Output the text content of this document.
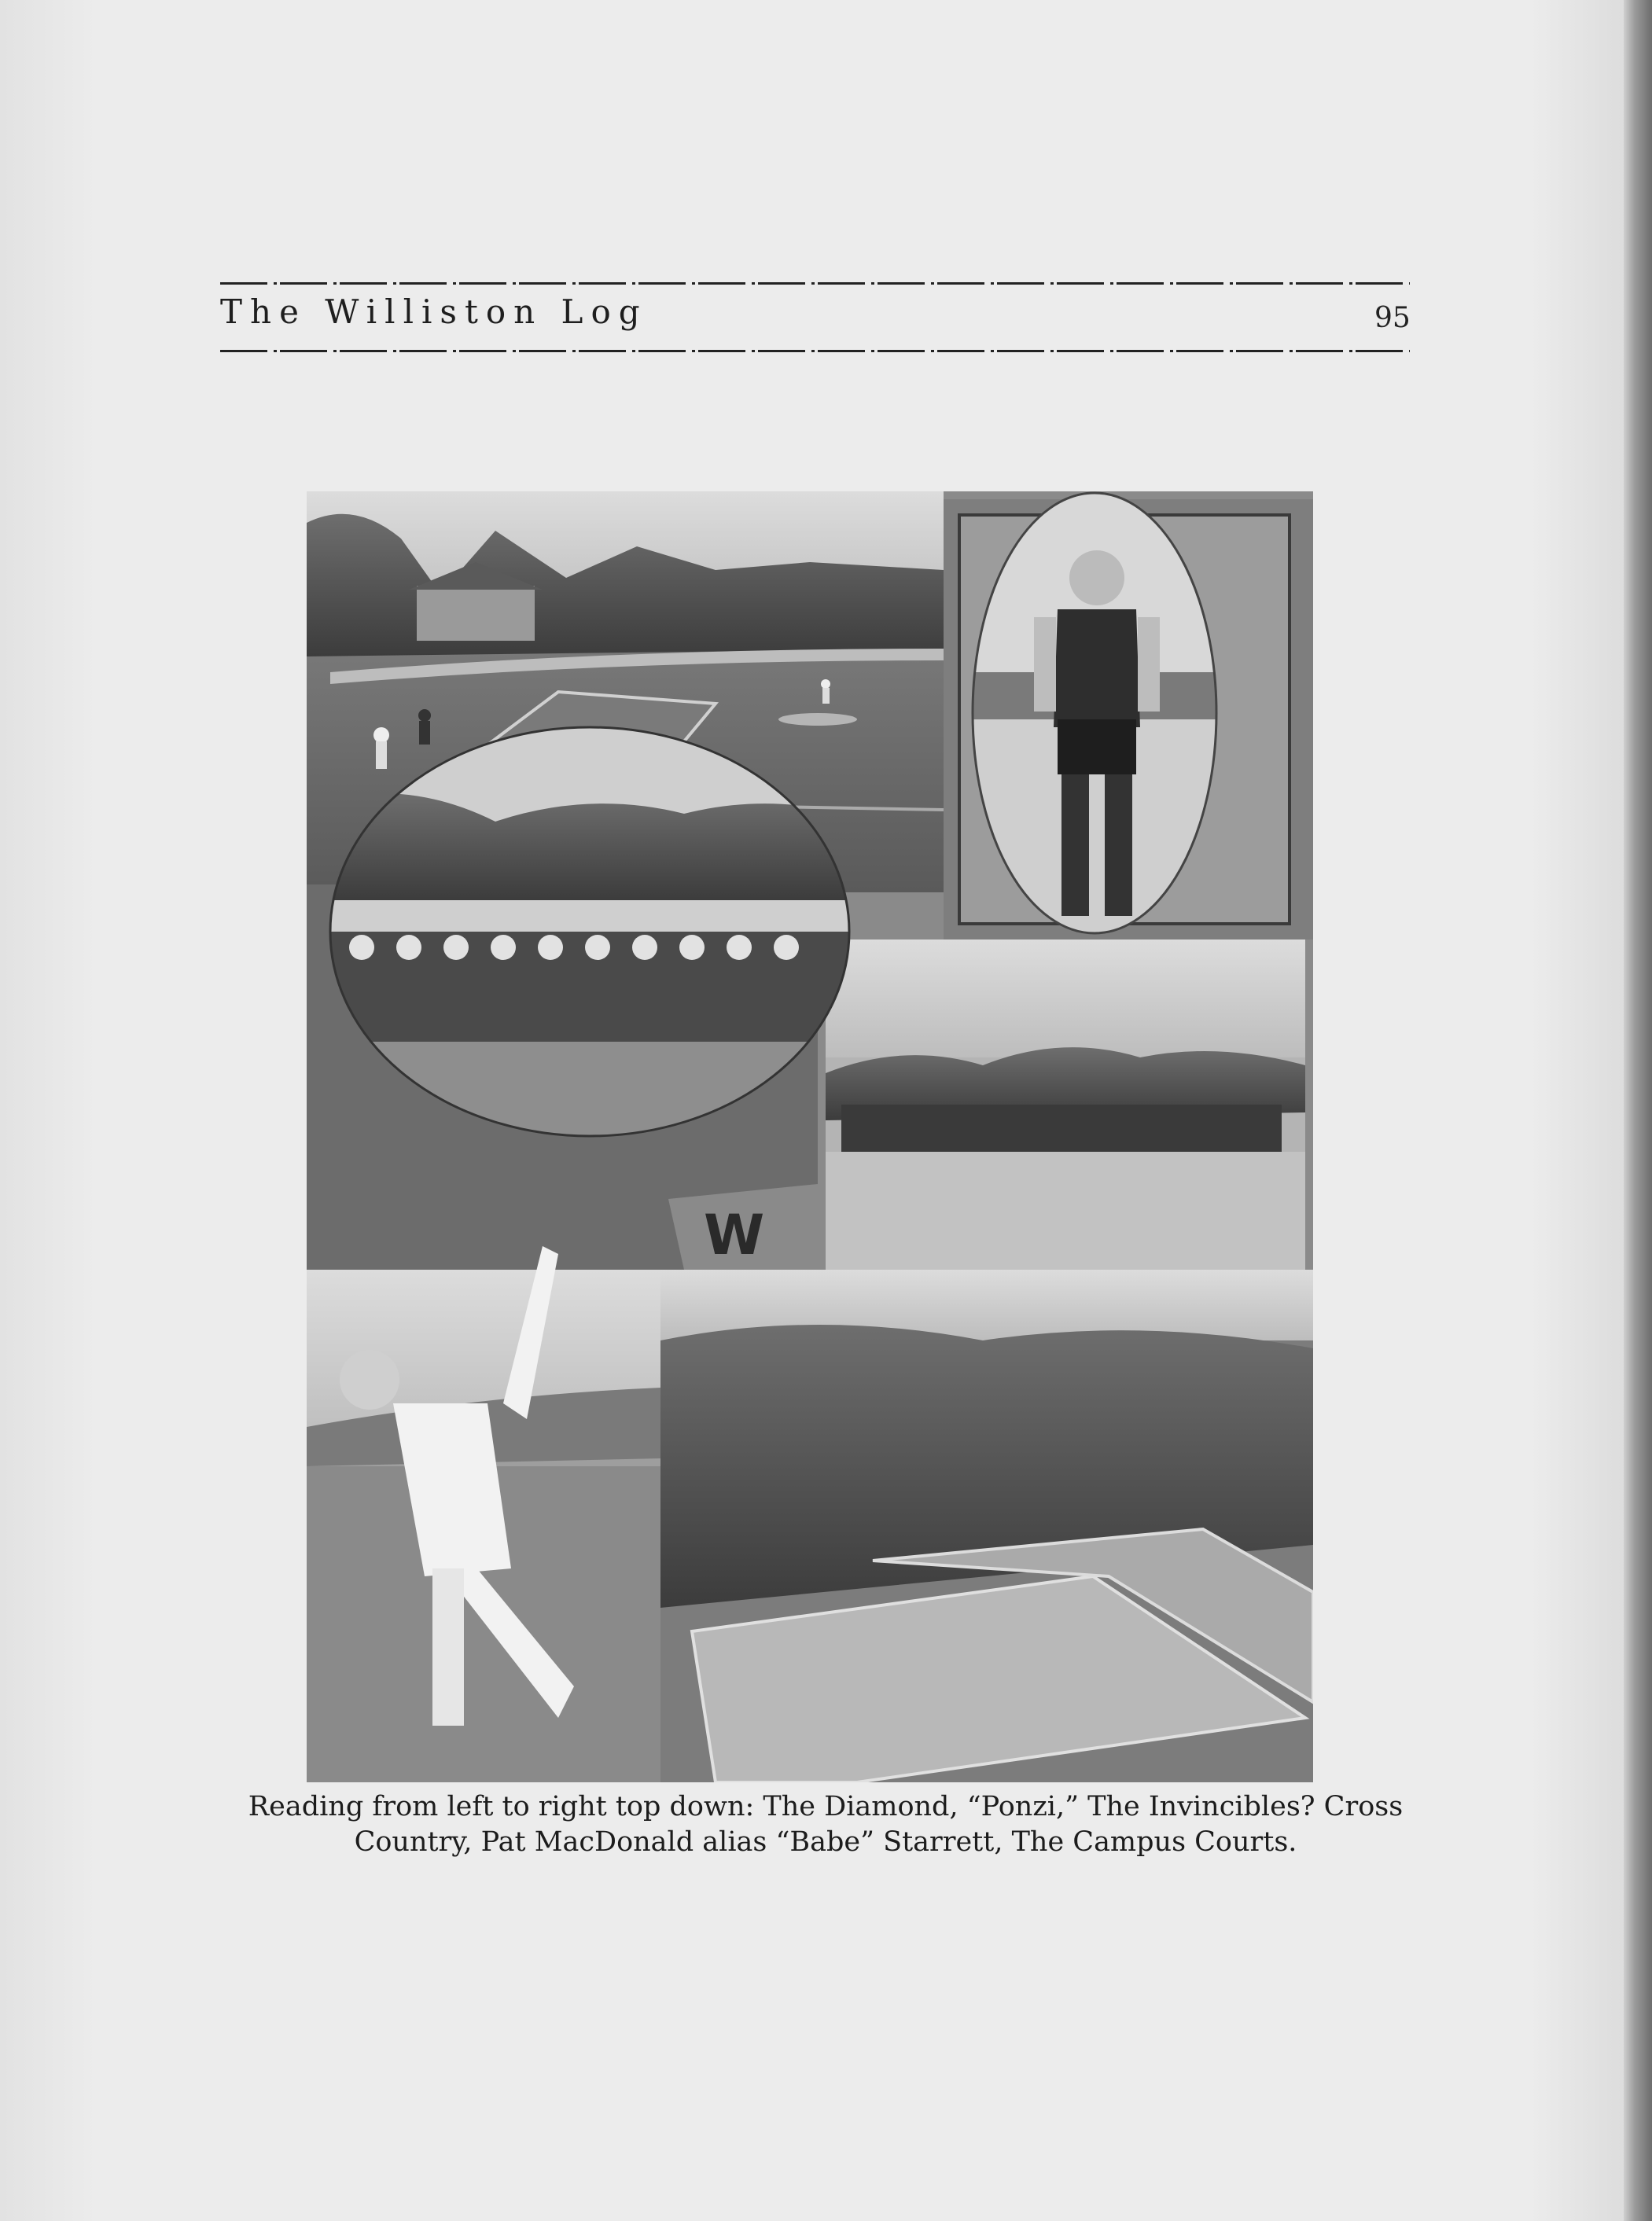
The Williston Log	95
W
Reading from left to right top down: The Diamond, “Ponzi,” The Invincibles? Cross
Country, Pat MacDonald alias “Babe” Starrett, The Campus Courts.
